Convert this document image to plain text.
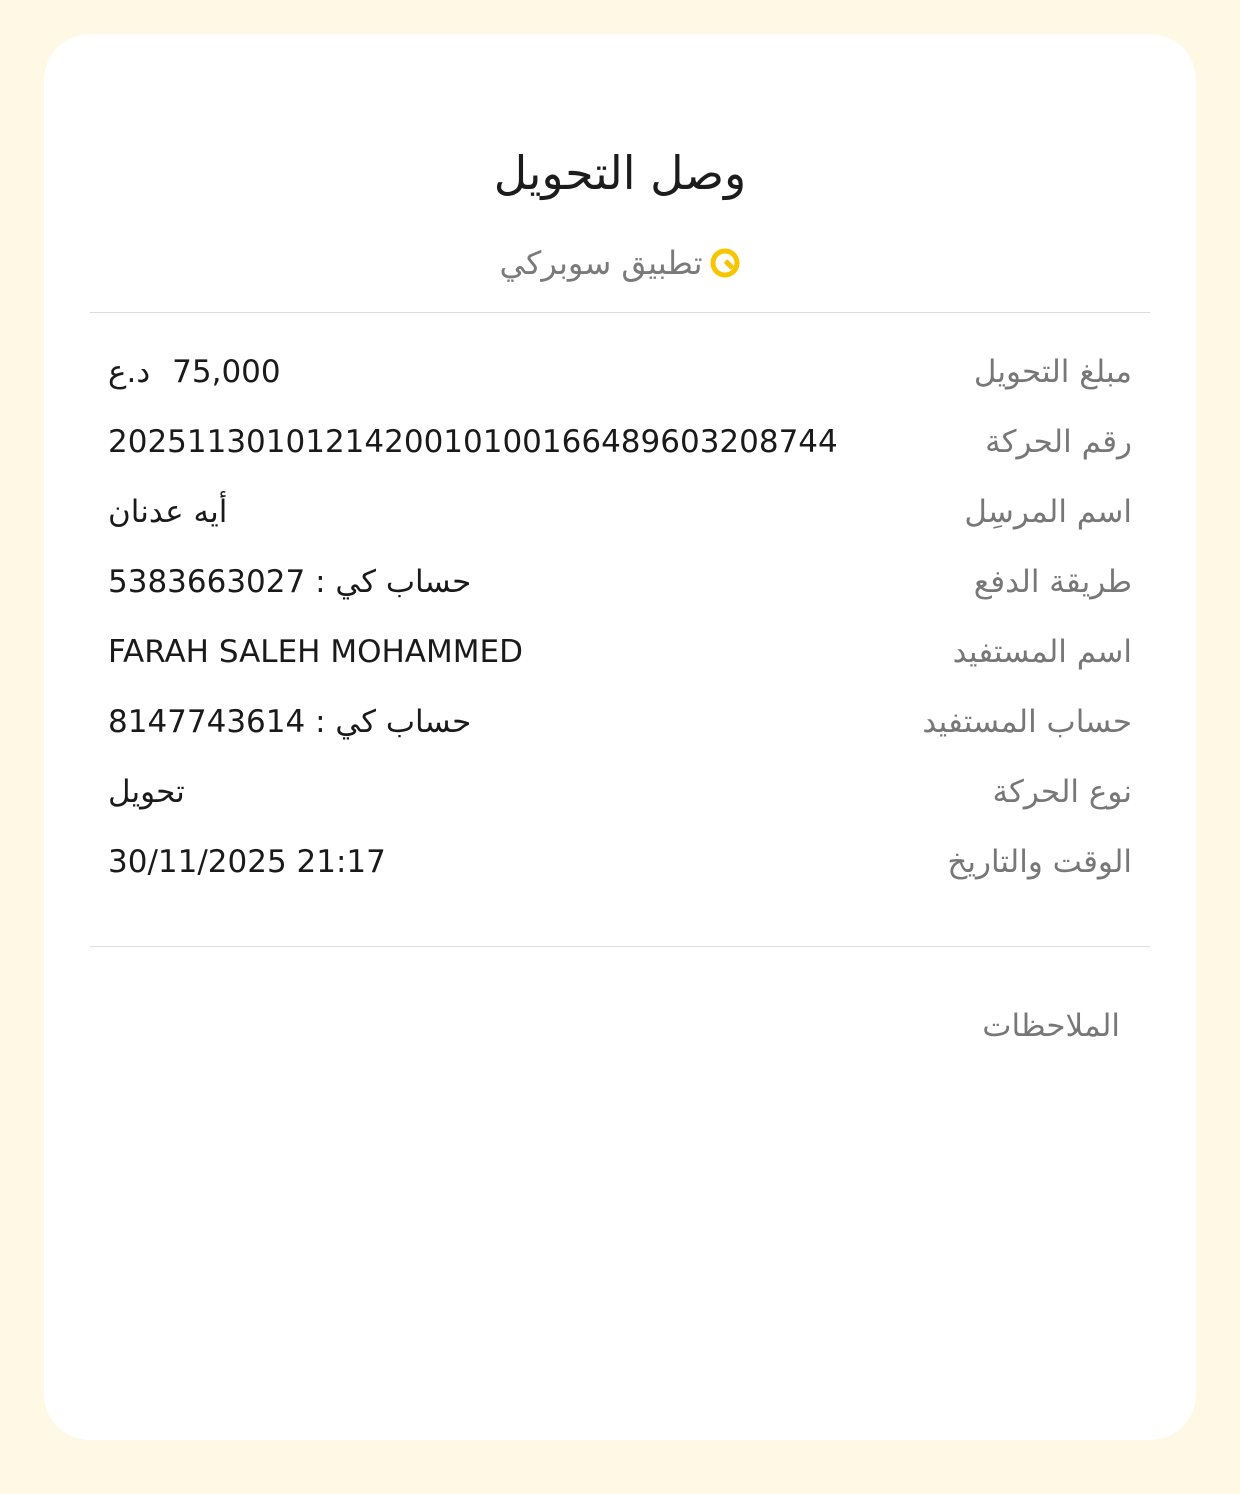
وصل التحويل
تطبيق سوبركي
مبلغ التحويل
د.ع 75,000
رقم الحركة
2025113010121420010100166489603208744
اسم المرسِل
أيه عدنان
طريقة الدفع
حساب كي : 5383663027
اسم المستفيد
FARAH SALEH MOHAMMED
حساب المستفيد
حساب كي : 8147743614
نوع الحركة
تحويل
الوقت والتاريخ
30/11/2025 21:17
الملاحظات
